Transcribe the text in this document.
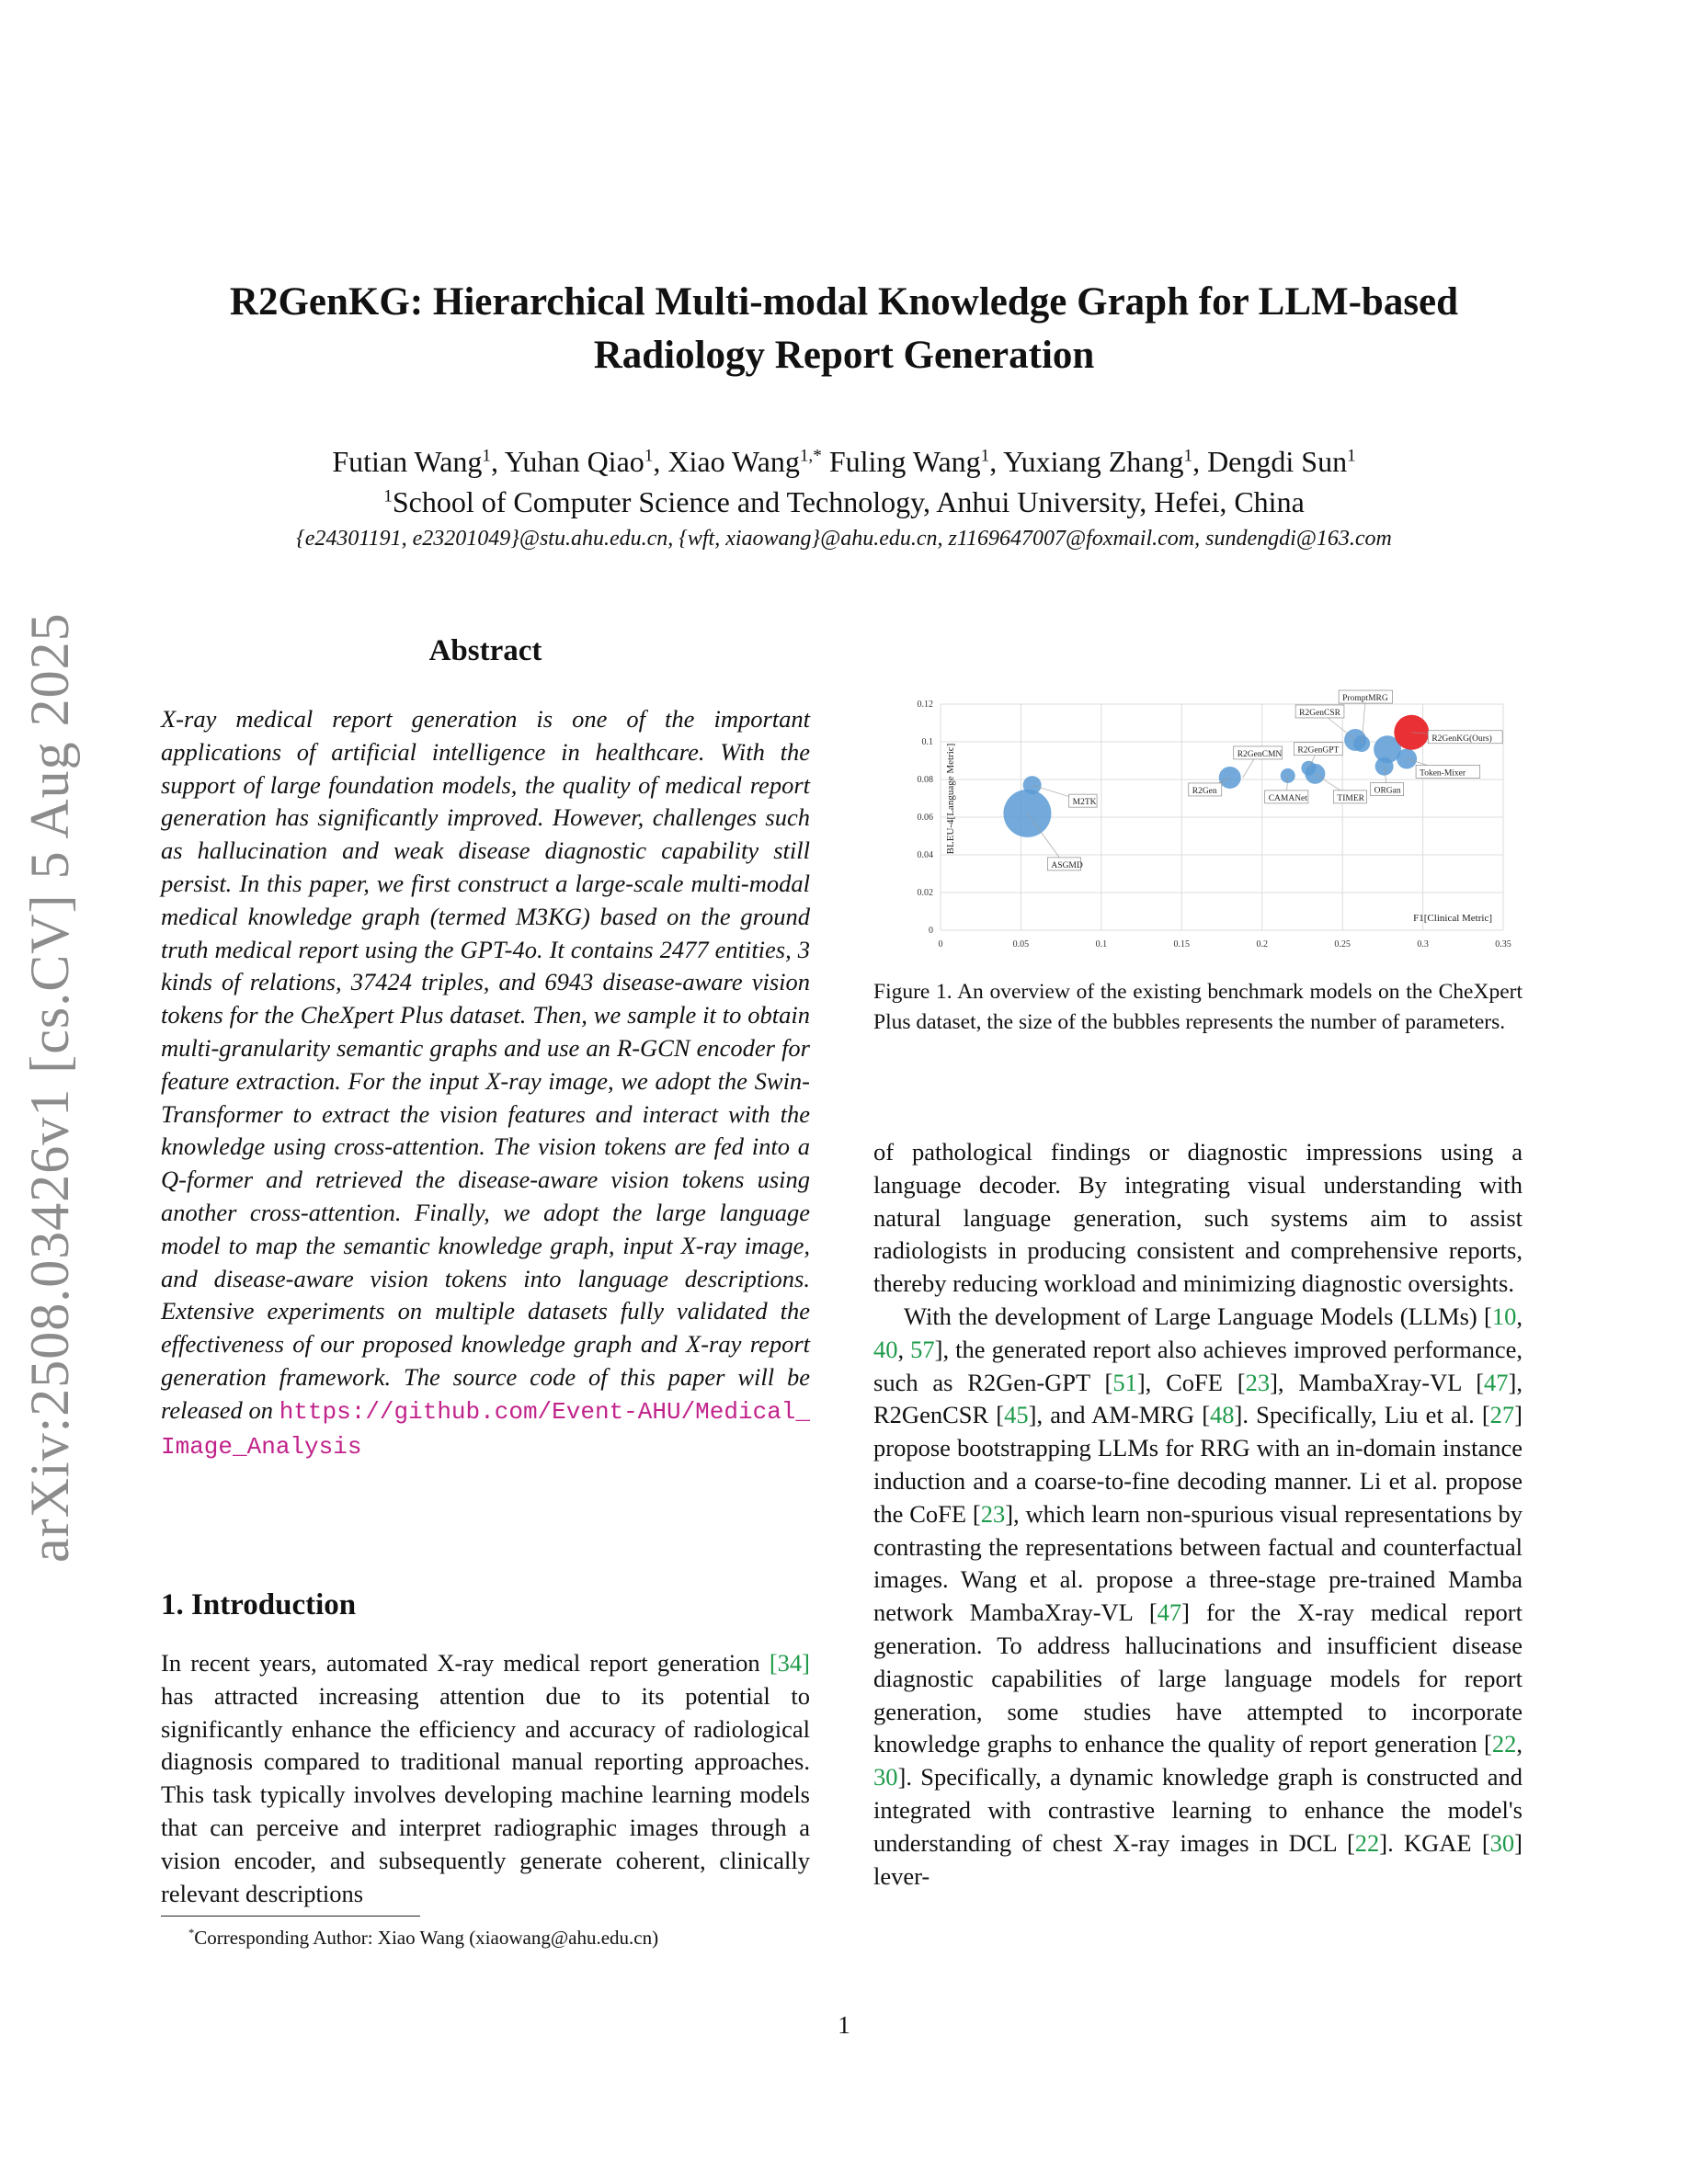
arXiv:2508.03426v1 [cs.CV] 5 Aug 2025
R2GenKG: Hierarchical Multi-modal Knowledge Graph for LLM-based
Radiology Report Generation
Futian Wang$^1$, Yuhan Qiao$^1$, Xiao Wang$^{1,*}$ Fuling Wang$^1$, Yuxiang Zhang$^1$, Dengdi Sun$^1$
$^1$School of Computer Science and Technology, Anhui University, Hefei, China
{e24301191, e23201049}@stu.ahu.edu.cn, {wft, xiaowang}@ahu.edu.cn, z1169647007@foxmail.com, sundengdi@163.com
Abstract
X-ray medical report generation is one of the important applications of artificial intelligence in healthcare. With the support of large foundation models, the quality of medical report generation has significantly improved. However, challenges such as hallucination and weak disease diagnostic capability still persist. In this paper, we first construct a large-scale multi-modal medical knowledge graph (termed M3KG) based on the ground truth medical report using the GPT-4o. It contains 2477 entities, 3 kinds of relations, 37424 triples, and 6943 disease-aware vision tokens for the CheXpert Plus dataset. Then, we sample it to obtain multi-granularity semantic graphs and use an R-GCN encoder for feature extraction. For the input X-ray image, we adopt the Swin-Transformer to extract the vision features and interact with the knowledge using cross-attention. The vision tokens are fed into a Q-former and retrieved the disease-aware vision tokens using another cross-attention. Finally, we adopt the large language model to map the semantic knowledge graph, input X-ray image, and disease-aware vision tokens into language descriptions. Extensive experiments on multiple datasets fully validated the effectiveness of our proposed knowledge graph and X-ray report generation framework. The source code of this paper will be released on https://github.com/Event-AHU/Medical_Image_Analysis
1. Introduction
In recent years, automated X-ray medical report generation [34] has attracted increasing attention due to its potential to significantly enhance the efficiency and accuracy of radiological diagnosis compared to traditional manual reporting approaches. This task typically involves developing machine learning models that can perceive and interpret radiographic images through a vision encoder, and subsequently generate coherent, clinically relevant descriptions
*Corresponding Author: Xiao Wang (xiaowang@ahu.edu.cn)
0	0.05	0.1	0.15	0.2	0.25	0.3	0.35
0
0.02
0.04
0.06
0.08
0.1
0.12
F1[Clinical Metric]
BLEU-4[Language Metric]
ASGMD
M2TK
R2Gen
R2GenCMN
CAMANet	TIMER
R2GenGPT
R2GenCSR
PromptMRG
ORGan
Token-Mixer
R2GenKG(Ours)
Figure 1. An overview of the existing benchmark models on the CheXpert Plus dataset, the size of the bubbles represents the number of parameters.

of pathological findings or diagnostic impressions using a language decoder. By integrating visual understanding with natural language generation, such systems aim to assist radiologists in producing consistent and comprehensive reports, thereby reducing workload and minimizing diagnostic oversights.

With the development of Large Language Models (LLMs) [10, 40, 57], the generated report also achieves improved performance, such as R2Gen-GPT [51], CoFE [23], MambaXray-VL [47], R2GenCSR [45], and AM-MRG [48]. Specifically, Liu et al. [27] propose bootstrapping LLMs for RRG with an in-domain instance induction and a coarse-to-fine decoding manner. Li et al. propose the CoFE [23], which learn non-spurious visual representations by contrasting the representations between factual and counterfactual images. Wang et al. propose a three-stage pre-trained Mamba network MambaXray-VL [47] for the X-ray medical report generation. To address hallucinations and insufficient disease diagnostic capabilities of large language models for report generation, some studies have attempted to incorporate knowledge graphs to enhance the quality of report generation [22, 30]. Specifically, a dynamic knowledge graph is constructed and integrated with contrastive learning to enhance the model's understanding of chest X-ray images in DCL [22]. KGAE [30] lever-

1
